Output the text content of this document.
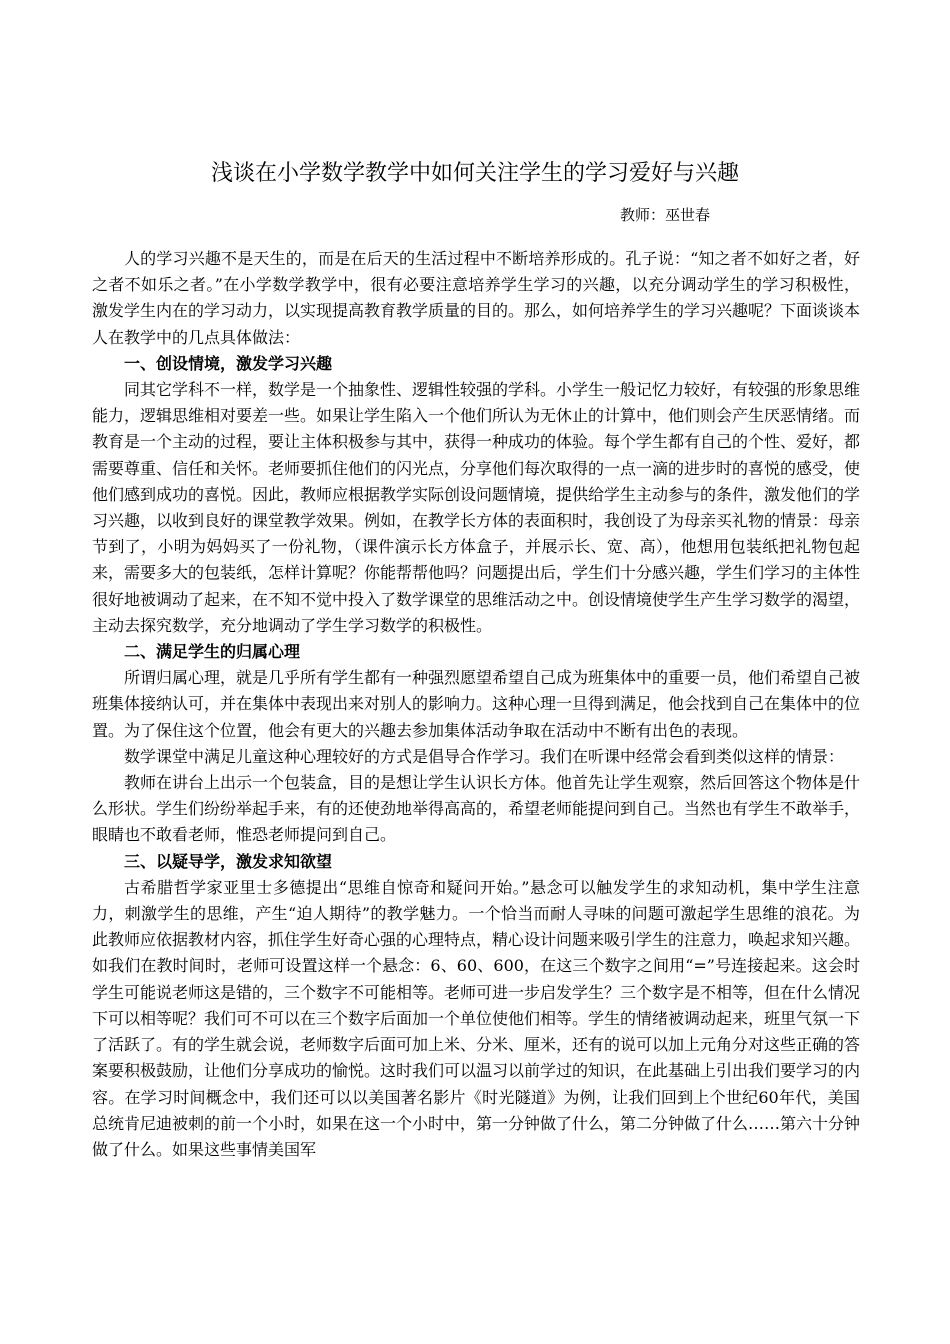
浅谈在小学数学教学中如何关注学生的学习爱好与兴趣
教师：巫世春

人的学习兴趣不是天生的，而是在后天的生活过程中不断培养形成的。孔子说：“知之者不如好之者，好之者不如乐之者。”在小学数学教学中，很有必要注意培养学生学习的兴趣，以充分调动学生的学习积极性，激发学生内在的学习动力，以实现提高教育教学质量的目的。那么，如何培养学生的学习兴趣呢？下面谈谈本人在教学中的几点具体做法：

一、创设情境，激发学习兴趣

同其它学科不一样，数学是一个抽象性、逻辑性较强的学科。小学生一般记忆力较好，有较强的形象思维能力，逻辑思维相对要差一些。如果让学生陷入一个他们所认为无休止的计算中，他们则会产生厌恶情绪。而教育是一个主动的过程，要让主体积极参与其中，获得一种成功的体验。每个学生都有自己的个性、爱好，都需要尊重、信任和关怀。老师要抓住他们的闪光点，分享他们每次取得的一点一滴的进步时的喜悦的感受，使他们感到成功的喜悦。因此，教师应根据教学实际创设问题情境，提供给学生主动参与的条件，激发他们的学习兴趣，以收到良好的课堂教学效果。例如，在教学长方体的表面积时，我创设了为母亲买礼物的情景：母亲节到了，小明为妈妈买了一份礼物，（课件演示长方体盒子，并展示长、宽、高），他想用包装纸把礼物包起来，需要多大的包装纸，怎样计算呢？你能帮帮他吗？问题提出后，学生们十分感兴趣，学生们学习的主体性很好地被调动了起来，在不知不觉中投入了数学课堂的思维活动之中。创设情境使学生产生学习数学的渴望，主动去探究数学，充分地调动了学生学习数学的积极性。

二、满足学生的归属心理

所谓归属心理，就是几乎所有学生都有一种强烈愿望希望自己成为班集体中的重要一员，他们希望自己被班集体接纳认可，并在集体中表现出来对别人的影响力。这种心理一旦得到满足，他会找到自己在集体中的位置。为了保住这个位置，他会有更大的兴趣去参加集体活动争取在活动中不断有出色的表现。

数学课堂中满足儿童这种心理较好的方式是倡导合作学习。我们在听课中经常会看到类似这样的情景：

教师在讲台上出示一个包装盒，目的是想让学生认识长方体。他首先让学生观察，然后回答这个物体是什么形状。学生们纷纷举起手来，有的还使劲地举得高高的，希望老师能提问到自己。当然也有学生不敢举手，眼睛也不敢看老师，惟恐老师提问到自己。

三、以疑导学，激发求知欲望

古希腊哲学家亚里士多德提出“思维自惊奇和疑问开始。”悬念可以触发学生的求知动机，集中学生注意力，刺激学生的思维，产生“迫人期待”的教学魅力。一个恰当而耐人寻味的问题可激起学生思维的浪花。为此教师应依据教材内容，抓住学生好奇心强的心理特点，精心设计问题来吸引学生的注意力，唤起求知兴趣。如我们在教时间时，老师可设置这样一个悬念：6、60、600，在这三个数字之间用“=”号连接起来。这会时学生可能说老师这是错的，三个数字不可能相等。老师可进一步启发学生？三个数字是不相等，但在什么情况下可以相等呢？我们可不可以在三个数字后面加一个单位使他们相等。学生的情绪被调动起来，班里气氛一下了活跃了。有的学生就会说，老师数字后面可加上米、分米、厘米，还有的说可以加上元角分对这些正确的答案要积极鼓励，让他们分享成功的愉悦。这时我们可以温习以前学过的知识，在此基础上引出我们要学习的内容。在学习时间概念中，我们还可以以美国著名影片《时光隧道》为例，让我们回到上个世纪60年代，美国总统肯尼迪被刺的前一个小时，如果在这一个小时中，第一分钟做了什么，第二分钟做了什么……第六十分钟做了什么。如果这些事情美国军
